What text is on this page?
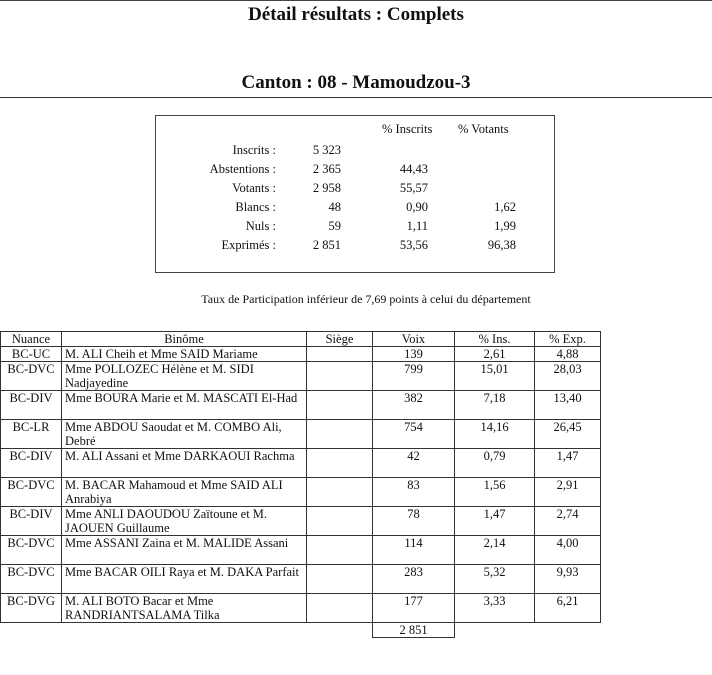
Détail résultats : Complets
Canton : 08 - Mamoudzou-3
% Inscrits % Votants
Inscrits :	5 323
Abstentions :	2 365	44,43
Votants :	2 958	55,57
Blancs :	48	0,90	1,62
Nuls :	59	1,11	1,99
Exprimés :	2 851	53,56	96,38
Taux de Participation inférieur de 7,69 points à celui du département
Nuance	Binôme	Siège	Voix	% Ins.	% Exp.
BC-UC	M. ALI Cheih et Mme SAID Mariame		139	2,61	4,88
BC-DVC	Mme POLLOZEC Hélène et M. SIDI Nadjayedine		799	15,01	28,03
BC-DIV	Mme BOURA Marie et M. MASCATI El-Had		382	7,18	13,40
BC-LR	Mme ABDOU Saoudat et M. COMBO Ali, Debré		754	14,16	26,45
BC-DIV	M. ALI Assani et Mme DARKAOUI Rachma		42	0,79	1,47
BC-DVC	M. BACAR Mahamoud et Mme SAID ALI Anrabiya		83	1,56	2,91
BC-DIV	Mme ANLI DAOUDOU Zaïtoune et M. JAOUEN Guillaume		78	1,47	2,74
BC-DVC	Mme ASSANI Zaina et M. MALIDE Assani		114	2,14	4,00
BC-DVC	Mme BACAR OILI Raya et M. DAKA Parfait		283	5,32	9,93
BC-DVG	M. ALI BOTO Bacar et Mme RANDRIANTSALAMA Tilka		177	3,33	6,21
			2 851		
